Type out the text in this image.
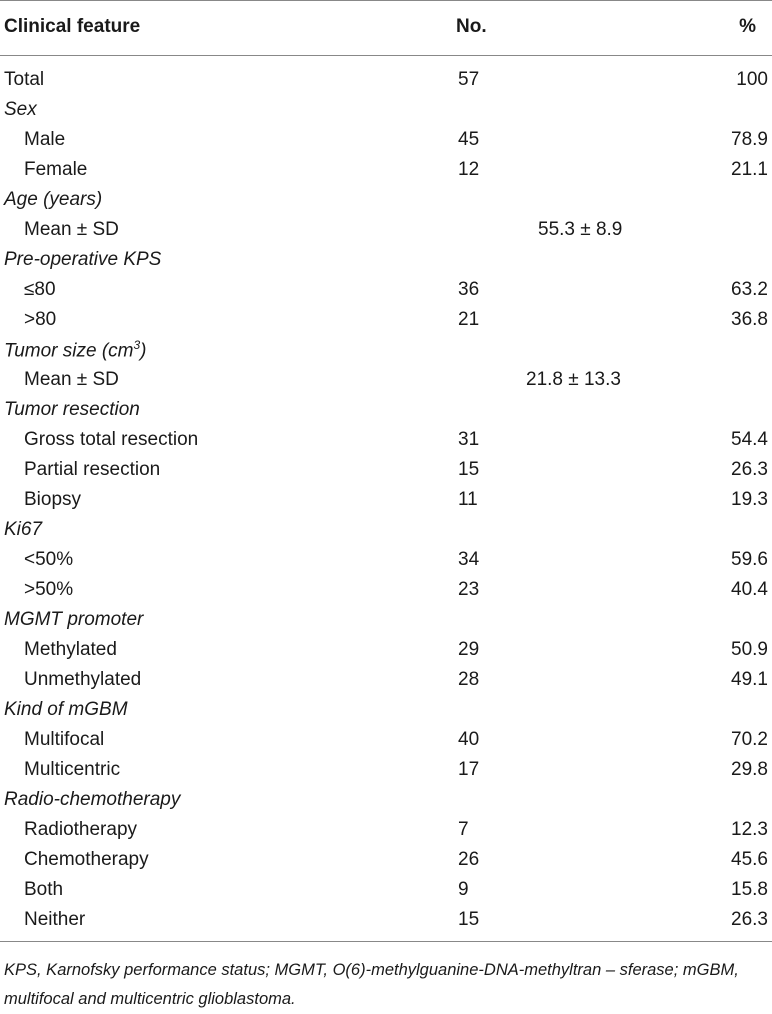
Clinical feature	No.	%
Total	57	100
Sex		
Male	45	78.9
Female	12	21.1
Age (years)		
Mean ± SD	55.3 ± 8.9	
Pre-operative KPS		
≤80	36	63.2
>80	21	36.8
Tumor size $(cm^3)$		
Mean ± SD	21.8 ± 13.3	
Tumor resection		
Gross total resection	31	54.4
Partial resection	15	26.3
Biopsy	11	19.3
Ki67		
<50%	34	59.6
>50%	23	40.4
MGMT promoter		
Methylated	29	50.9
Unmethylated	28	49.1
Kind of mGBM		
Multifocal	40	70.2
Multicentric	17	29.8
Radio-chemotherapy		
Radiotherapy	7	12.3
Chemotherapy	26	45.6
Both	9	15.8
Neither	15	26.3
KPS, Karnofsky performance status; MGMT, O(6)-methylguanine-DNA-methyltran – sferase; mGBM, multifocal and multicentric glioblastoma.
